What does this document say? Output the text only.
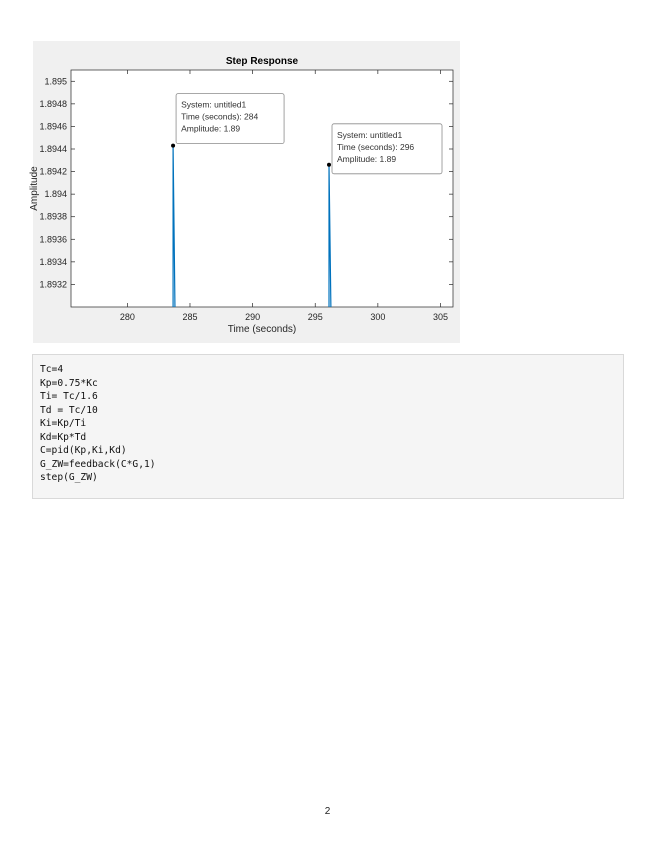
Step Response
280	285	290	295	300	305
1.8932
1.8934
1.8936
1.8938
1.894
1.8942
1.8944
1.8946
1.8948
1.895
Time (seconds)
Amplitude
System: untitled1
Time (seconds): 284
Amplitude: 1.89
System: untitled1
Time (seconds): 296
Amplitude: 1.89
Tc=4
Kp=0.75*Kc
Ti= Tc/1.6
Td = Tc/10
Ki=Kp/Ti
Kd=Kp*Td
C=pid(Kp,Ki,Kd)
G_ZW=feedback(C*G,1)
step(G_ZW)
2
